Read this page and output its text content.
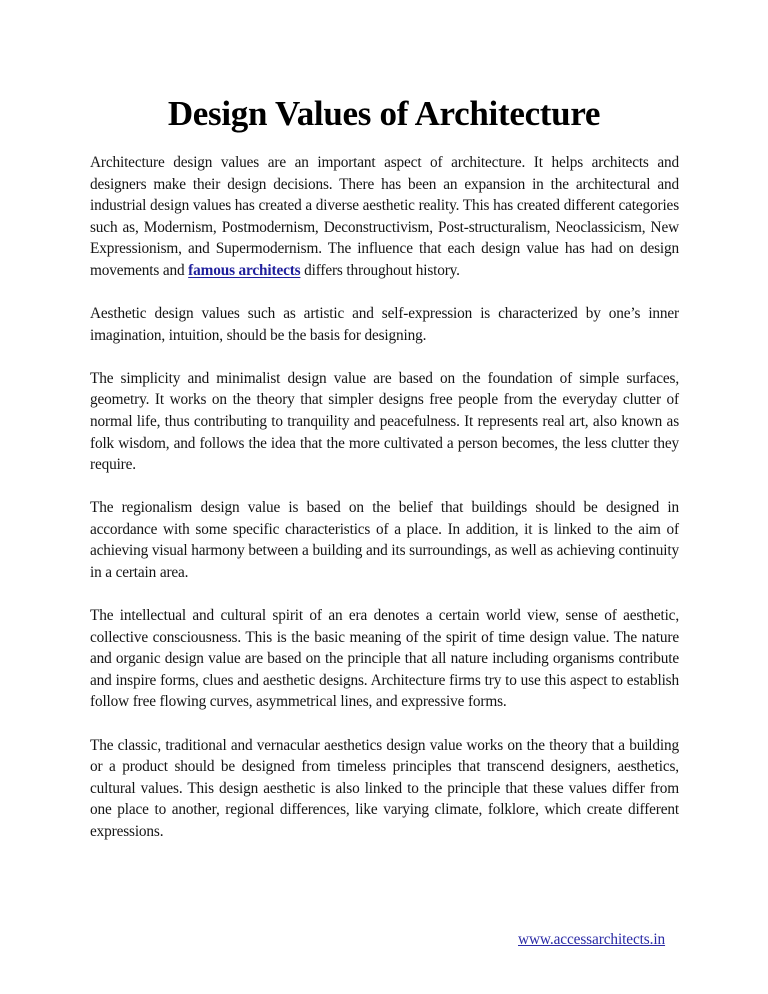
Design Values of Architecture

Architecture design values are an important aspect of architecture. It helps architects and designers make their design decisions. There has been an expansion in the architectural and industrial design values has created a diverse aesthetic reality. This has created different categories such as, Modernism, Postmodernism, Deconstructivism, Post-structuralism, Neoclassicism, New Expressionism, and Supermodernism. The influence that each design value has had on design movements and famous architects differs throughout history.

Aesthetic design values such as artistic and self-expression is characterized by one’s inner imagination, intuition, should be the basis for designing.

The simplicity and minimalist design value are based on the foundation of simple surfaces, geometry. It works on the theory that simpler designs free people from the everyday clutter of normal life, thus contributing to tranquility and peacefulness. It represents real art, also known as folk wisdom, and follows the idea that the more cultivated a person becomes, the less clutter they require.

The regionalism design value is based on the belief that buildings should be designed in accordance with some specific characteristics of a place. In addition, it is linked to the aim of achieving visual harmony between a building and its surroundings, as well as achieving continuity in a certain area.

The intellectual and cultural spirit of an era denotes a certain world view, sense of aesthetic, collective consciousness. This is the basic meaning of the spirit of time design value. The nature and organic design value are based on the principle that all nature including organisms contribute and inspire forms, clues and aesthetic designs. Architecture firms try to use this aspect to establish follow free flowing curves, asymmetrical lines, and expressive forms.

The classic, traditional and vernacular aesthetics design value works on the theory that a building or a product should be designed from timeless principles that transcend designers, aesthetics, cultural values. This design aesthetic is also linked to the principle that these values differ from one place to another, regional differences, like varying climate, folklore, which create different expressions.

www.accessarchitects.in
